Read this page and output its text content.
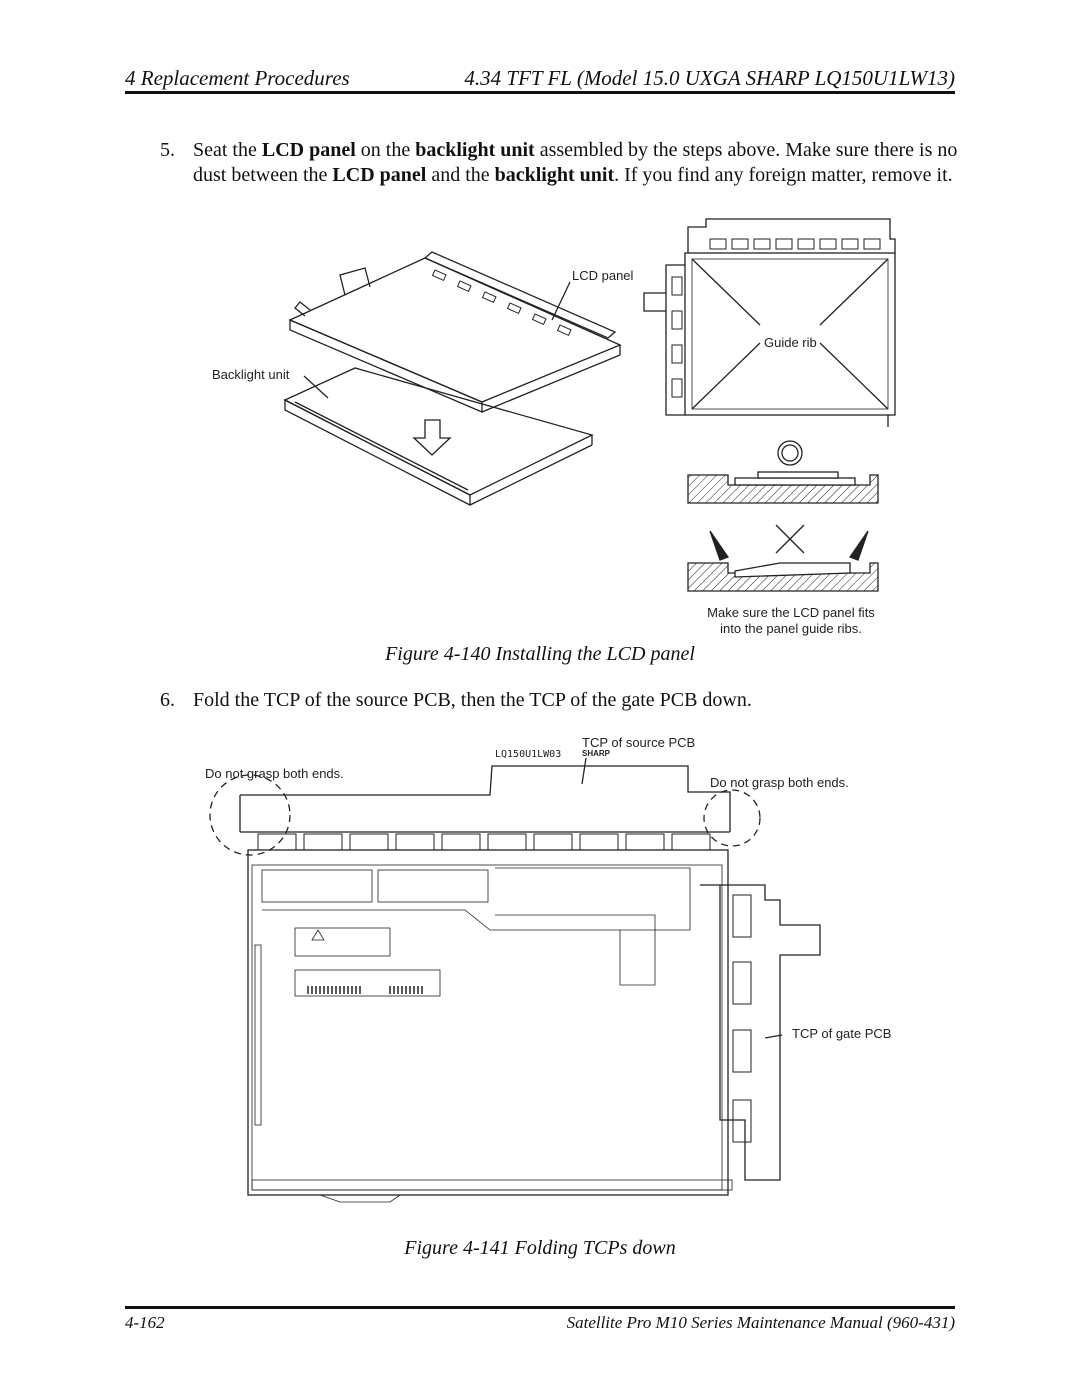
4 Replacement Procedures	4.34 TFT FL (Model 15.0 UXGA SHARP LQ150U1LW13)
5. Seat the LCD panel on the backlight unit assembled by the steps above. Make sure there is no dust between the LCD panel and the backlight unit. If you find any foreign matter, remove it.
LCD panel
Backlight unit
Guide rib
Make sure the LCD panel fits
into the panel guide ribs.
Figure 4-140 Installing the LCD panel
6. Fold the TCP of the source PCB, then the TCP of the gate PCB down.
LQ150U1LW03	SHARP
TCP of source PCB
Do not grasp both ends.
Do not grasp both ends.
TCP of gate PCB
Figure 4-141 Folding TCPs down
4-162	Satellite Pro M10 Series Maintenance Manual (960-431)
